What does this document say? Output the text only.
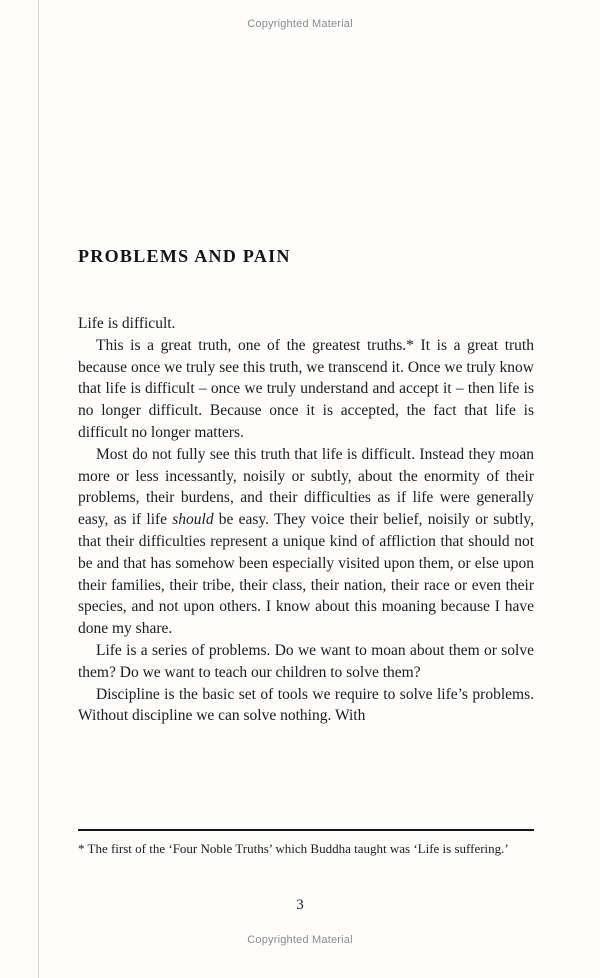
Copyrighted Material
PROBLEMS AND PAIN

Life is difficult.

This is a great truth, one of the greatest truths.* It is a great truth because once we truly see this truth, we transcend it. Once we truly know that life is difficult – once we truly understand and accept it – then life is no longer difficult. Because once it is accepted, the fact that life is difficult no longer matters.

Most do not fully see this truth that life is difficult. Instead they moan more or less incessantly, noisily or subtly, about the enormity of their problems, their burdens, and their difficulties as if life were generally easy, as if life should be easy. They voice their belief, noisily or subtly, that their difficulties represent a unique kind of affliction that should not be and that has somehow been especially visited upon them, or else upon their families, their tribe, their class, their nation, their race or even their species, and not upon others. I know about this moaning because I have done my share.

Life is a series of problems. Do we want to moan about them or solve them? Do we want to teach our children to solve them?

Discipline is the basic set of tools we require to solve life’s problems. Without discipline we can solve nothing. With

* The first of the ‘Four Noble Truths’ which Buddha taught was ‘Life is suffering.’
3
Copyrighted Material
